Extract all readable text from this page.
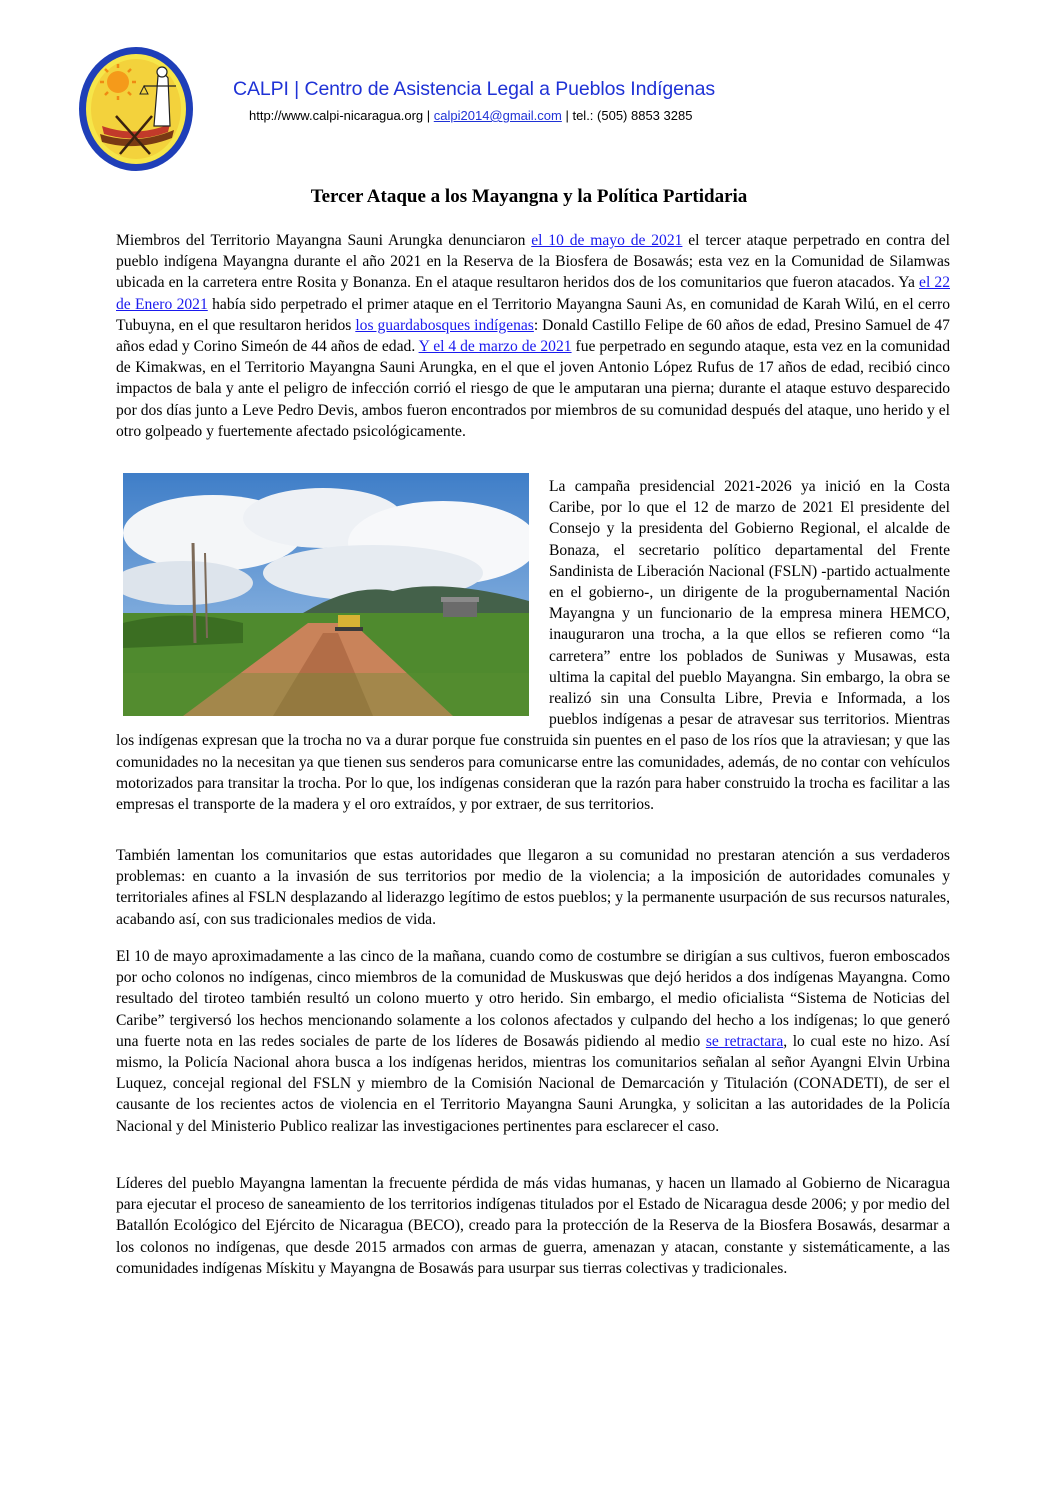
CALPI | Centro de Asistencia Legal a Pueblos Indígenas
http://www.calpi-nicaragua.org | calpi2014@gmail.com | tel.: (505) 8853 3285
Tercer Ataque a los Mayangna y la Política Partidaria
Miembros del Territorio Mayangna Sauni Arungka denunciaron el 10 de mayo de 2021 el tercer ataque perpetrado en contra del pueblo indígena Mayangna durante el año 2021 en la Reserva de la Biosfera de Bosawás; esta vez en la Comunidad de Silamwas ubicada en la carretera entre Rosita y Bonanza. En el ataque resultaron heridos dos de los comunitarios que fueron atacados. Ya el 22 de Enero 2021 había sido perpetrado el primer ataque en el Territorio Mayangna Sauni As, en comunidad de Karah Wilú, en el cerro Tubuyna, en el que resultaron heridos los guardabosques indígenas: Donald Castillo Felipe de 60 años de edad, Presino Samuel de 47 años edad y Corino Simeón de 44 años de edad. Y el 4 de marzo de 2021 fue perpetrado en segundo ataque, esta vez en la comunidad de Kimakwas, en el Territorio Mayangna Sauni Arungka, en el que el joven Antonio López Rufus de 17 años de edad, recibió cinco impactos de bala y ante el peligro de infección corrió el riesgo de que le amputaran una pierna; durante el ataque estuvo desparecido por dos días junto a Leve Pedro Devis, ambos fueron encontrados por miembros de su comunidad después del ataque, uno herido y el otro golpeado y fuertemente afectado psicológicamente.
La campaña presidencial 2021-2026 ya inició en la Costa Caribe, por lo que el 12 de marzo de 2021 El presidente del Consejo y la presidenta del Gobierno Regional, el alcalde de Bonaza, el secretario político departamental del Frente Sandinista de Liberación Nacional (FSLN) -partido actualmente en el gobierno-, un dirigente de la progubernamental Nación Mayangna y un funcionario de la empresa minera HEMCO, inauguraron una trocha, a la que ellos se refieren como “la carretera” entre los poblados de Suniwas y Musawas, esta ultima la capital del pueblo Mayangna. Sin embargo, la obra se realizó sin una Consulta Libre, Previa e Informada, a los pueblos indígenas a pesar de atravesar sus territorios. Mientras los indígenas expresan que la trocha no va a durar porque fue construida sin puentes en el paso de los ríos que la atraviesan; y que las comunidades no la necesitan ya que tienen sus senderos para comunicarse entre las comunidades, además, de no contar con vehículos motorizados para transitar la trocha. Por lo que, los indígenas consideran que la razón para haber construido la trocha es facilitar a las empresas el transporte de la madera y el oro extraídos, y por extraer, de sus territorios.
También lamentan los comunitarios que estas autoridades que llegaron a su comunidad no prestaran atención a sus verdaderos problemas: en cuanto a la invasión de sus territorios por medio de la violencia; a la imposición de autoridades comunales y territoriales afines al FSLN desplazando al liderazgo legítimo de estos pueblos; y la permanente usurpación de sus recursos naturales, acabando así, con sus tradicionales medios de vida.
El 10 de mayo aproximadamente a las cinco de la mañana, cuando como de costumbre se dirigían a sus cultivos, fueron emboscados por ocho colonos no indígenas, cinco miembros de la comunidad de Muskuswas que dejó heridos a dos indígenas Mayangna. Como resultado del tiroteo también resultó un colono muerto y otro herido. Sin embargo, el medio oficialista “Sistema de Noticias del Caribe” tergiversó los hechos mencionando solamente a los colonos afectados y culpando del hecho a los indígenas; lo que generó una fuerte nota en las redes sociales de parte de los líderes de Bosawás pidiendo al medio se retractara, lo cual este no hizo. Así mismo, la Policía Nacional ahora busca a los indígenas heridos, mientras los comunitarios señalan al señor Ayangni Elvin Urbina Luquez, concejal regional del FSLN y miembro de la Comisión Nacional de Demarcación y Titulación (CONADETI), de ser el causante de los recientes actos de violencia en el Territorio Mayangna Sauni Arungka, y solicitan a las autoridades de la Policía Nacional y del Ministerio Publico realizar las investigaciones pertinentes para esclarecer el caso.
Líderes del pueblo Mayangna lamentan la frecuente pérdida de más vidas humanas, y hacen un llamado al Gobierno de Nicaragua para ejecutar el proceso de saneamiento de los territorios indígenas titulados por el Estado de Nicaragua desde 2006; y por medio del Batallón Ecológico del Ejército de Nicaragua (BECO), creado para la protección de la Reserva de la Biosfera Bosawás, desarmar a los colonos no indígenas, que desde 2015 armados con armas de guerra, amenazan y atacan, constante y sistemáticamente, a las comunidades indígenas Mískitu y Mayangna de Bosawás para usurpar sus tierras colectivas y tradicionales.
